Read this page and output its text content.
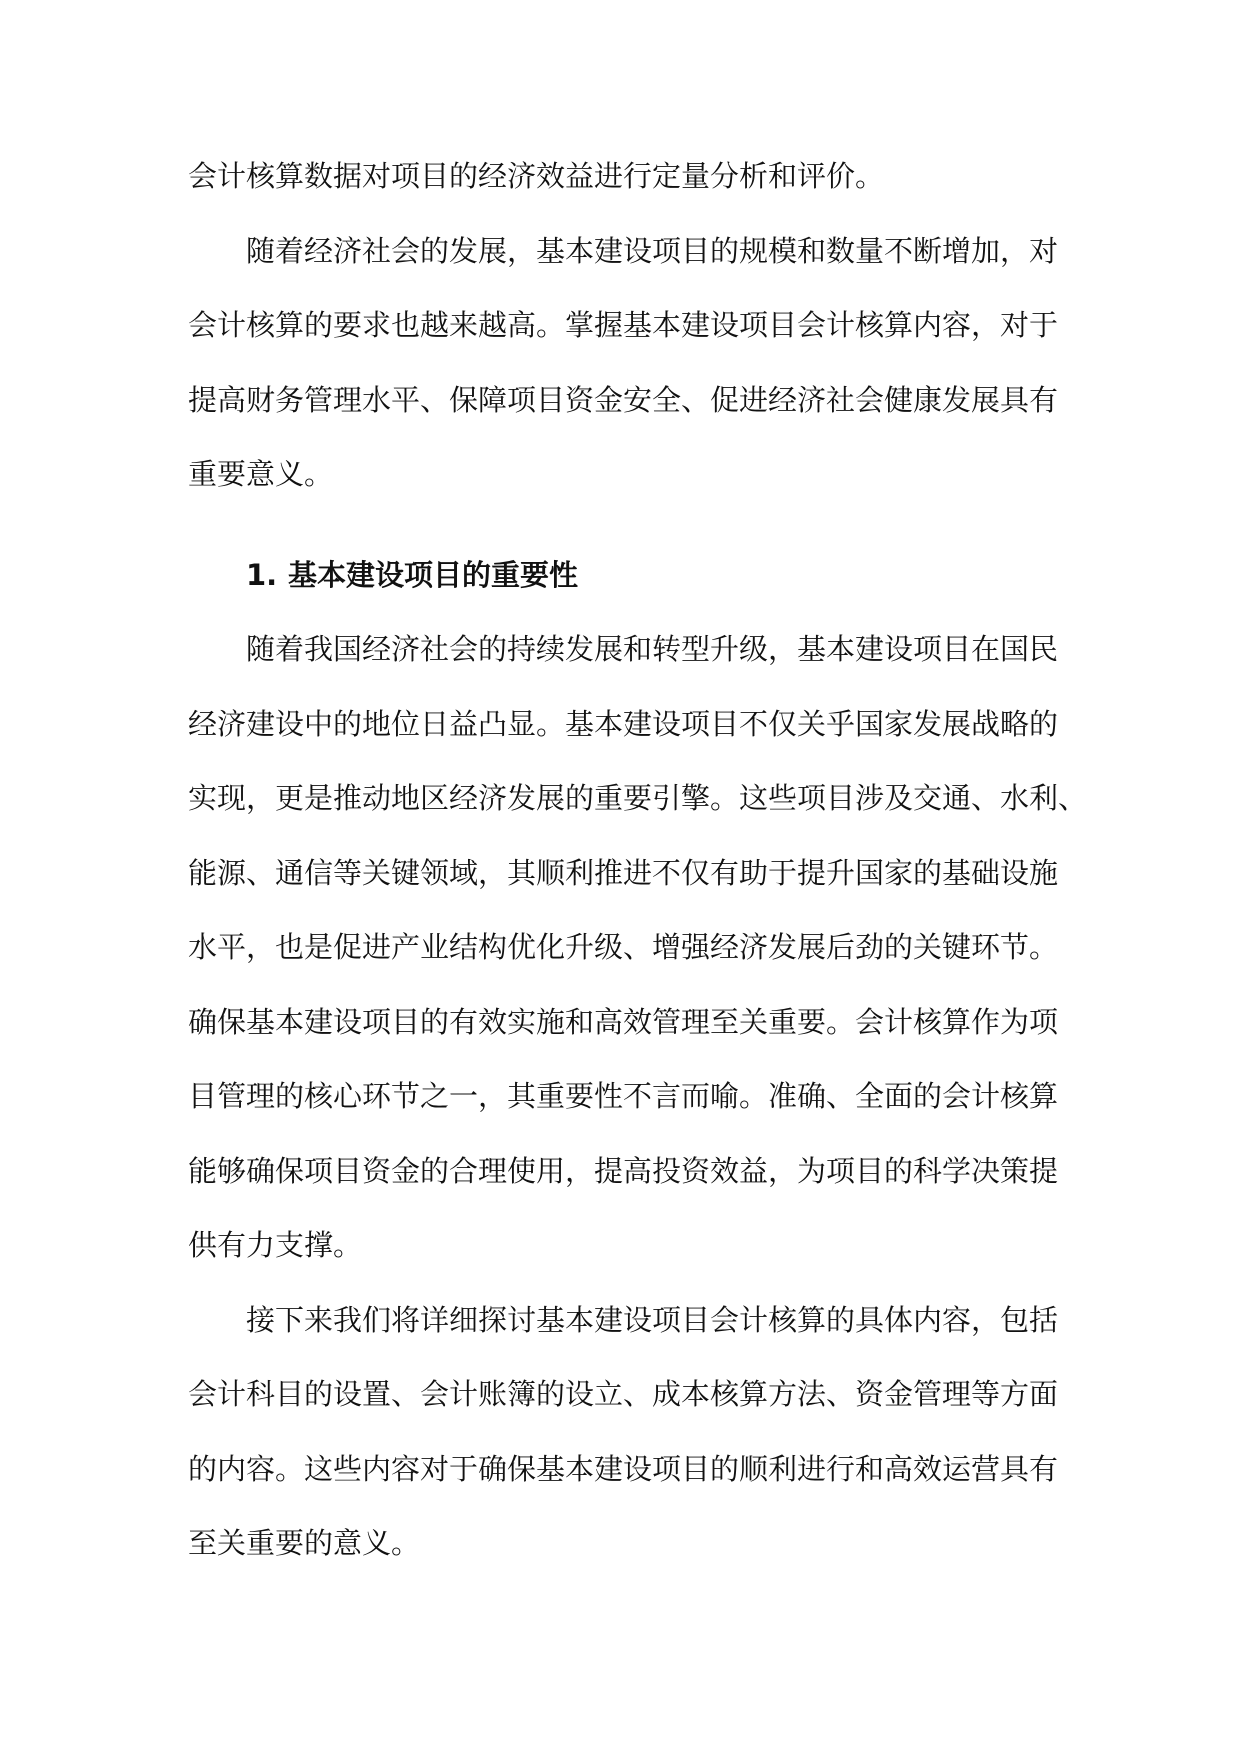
会计核算数据对项目的经济效益进行定量分析和评价。
随着经济社会的发展，基本建设项目的规模和数量不断增加，对
会计核算的要求也越来越高。掌握基本建设项目会计核算内容，对于
提高财务管理水平、保障项目资金安全、促进经济社会健康发展具有
重要意义。
1. 基本建设项目的重要性
随着我国经济社会的持续发展和转型升级，基本建设项目在国民
经济建设中的地位日益凸显。基本建设项目不仅关乎国家发展战略的
实现，更是推动地区经济发展的重要引擎。这些项目涉及交通、水利、
能源、通信等关键领域，其顺利推进不仅有助于提升国家的基础设施
水平，也是促进产业结构优化升级、增强经济发展后劲的关键环节。
确保基本建设项目的有效实施和高效管理至关重要。会计核算作为项
目管理的核心环节之一，其重要性不言而喻。准确、全面的会计核算
能够确保项目资金的合理使用，提高投资效益，为项目的科学决策提
供有力支撑。
接下来我们将详细探讨基本建设项目会计核算的具体内容，包括
会计科目的设置、会计账簿的设立、成本核算方法、资金管理等方面
的内容。这些内容对于确保基本建设项目的顺利进行和高效运营具有
至关重要的意义。
